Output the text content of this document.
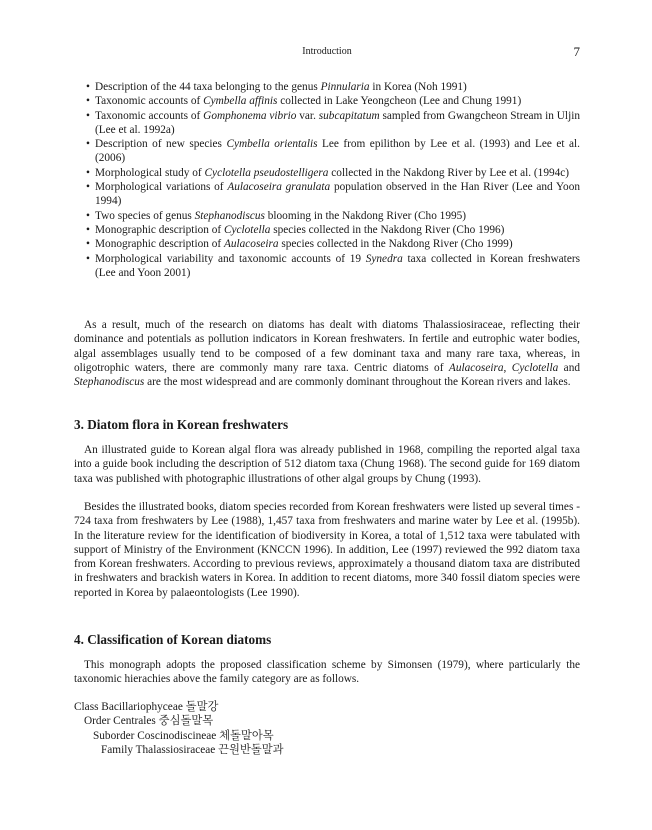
Introduction	7
• Description of the 44 taxa belonging to the genus Pinnularia in Korea (Noh 1991)
• Taxonomic accounts of Cymbella affinis collected in Lake Yeongcheon (Lee and Chung 1991)
• Taxonomic accounts of Gomphonema vibrio var. subcapitatum sampled from Gwangcheon Stream in Uljin (Lee et al. 1992a)
• Description of new species Cymbella orientalis Lee from epilithon by Lee et al. (1993) and Lee et al. (2006)
• Morphological study of Cyclotella pseudostelligera collected in the Nakdong River by Lee et al. (1994c)
• Morphological variations of Aulacoseira granulata population observed in the Han River (Lee and Yoon 1994)
• Two species of genus Stephanodiscus blooming in the Nakdong River (Cho 1995)
• Monographic description of Cyclotella species collected in the Nakdong River (Cho 1996)
• Monographic description of Aulacoseira species collected in the Nakdong River (Cho 1999)
• Morphological variability and taxonomic accounts of 19 Synedra taxa collected in Korean freshwaters (Lee and Yoon 2001)

As a result, much of the research on diatoms has dealt with diatoms Thalassiosiraceae, reflecting their dominance and potentials as pollution indicators in Korean freshwaters. In fertile and eutrophic water bodies, algal assemblages usually tend to be composed of a few dominant taxa and many rare taxa, whereas, in oligotrophic waters, there are commonly many rare taxa. Centric diatoms of Aulacoseira, Cyclotella and Stephanodiscus are the most widespread and are commonly dominant throughout the Korean rivers and lakes.

3. Diatom flora in Korean freshwaters

An illustrated guide to Korean algal flora was already published in 1968, compiling the reported algal taxa into a guide book including the description of 512 diatom taxa (Chung 1968). The second guide for 169 diatom taxa was published with photographic illustrations of other algal groups by Chung (1993).

Besides the illustrated books, diatom species recorded from Korean freshwaters were listed up several times - 724 taxa from freshwaters by Lee (1988), 1,457 taxa from freshwaters and marine water by Lee et al. (1995b). In the literature review for the identification of biodiversity in Korea, a total of 1,512 taxa were tabulated with support of Ministry of the Environment (KNCCN 1996). In addition, Lee (1997) reviewed the 992 diatom taxa from Korean freshwaters. According to previous reviews, approximately a thousand diatom taxa are distributed in freshwaters and brackish waters in Korea. In addition to recent diatoms, more 340 fossil diatom species were reported in Korea by palaeontologists (Lee 1990).

4. Classification of Korean diatoms

This monograph adopts the proposed classification scheme by Simonsen (1979), where particularly the taxonomic hierachies above the family category are as follows.

Class Bacillariophyceae 돌말강

Order Centrales 중심돌말목

Suborder Coscinodiscineae 체돌말아목

Family Thalassiosiraceae 끈원반돌말과
